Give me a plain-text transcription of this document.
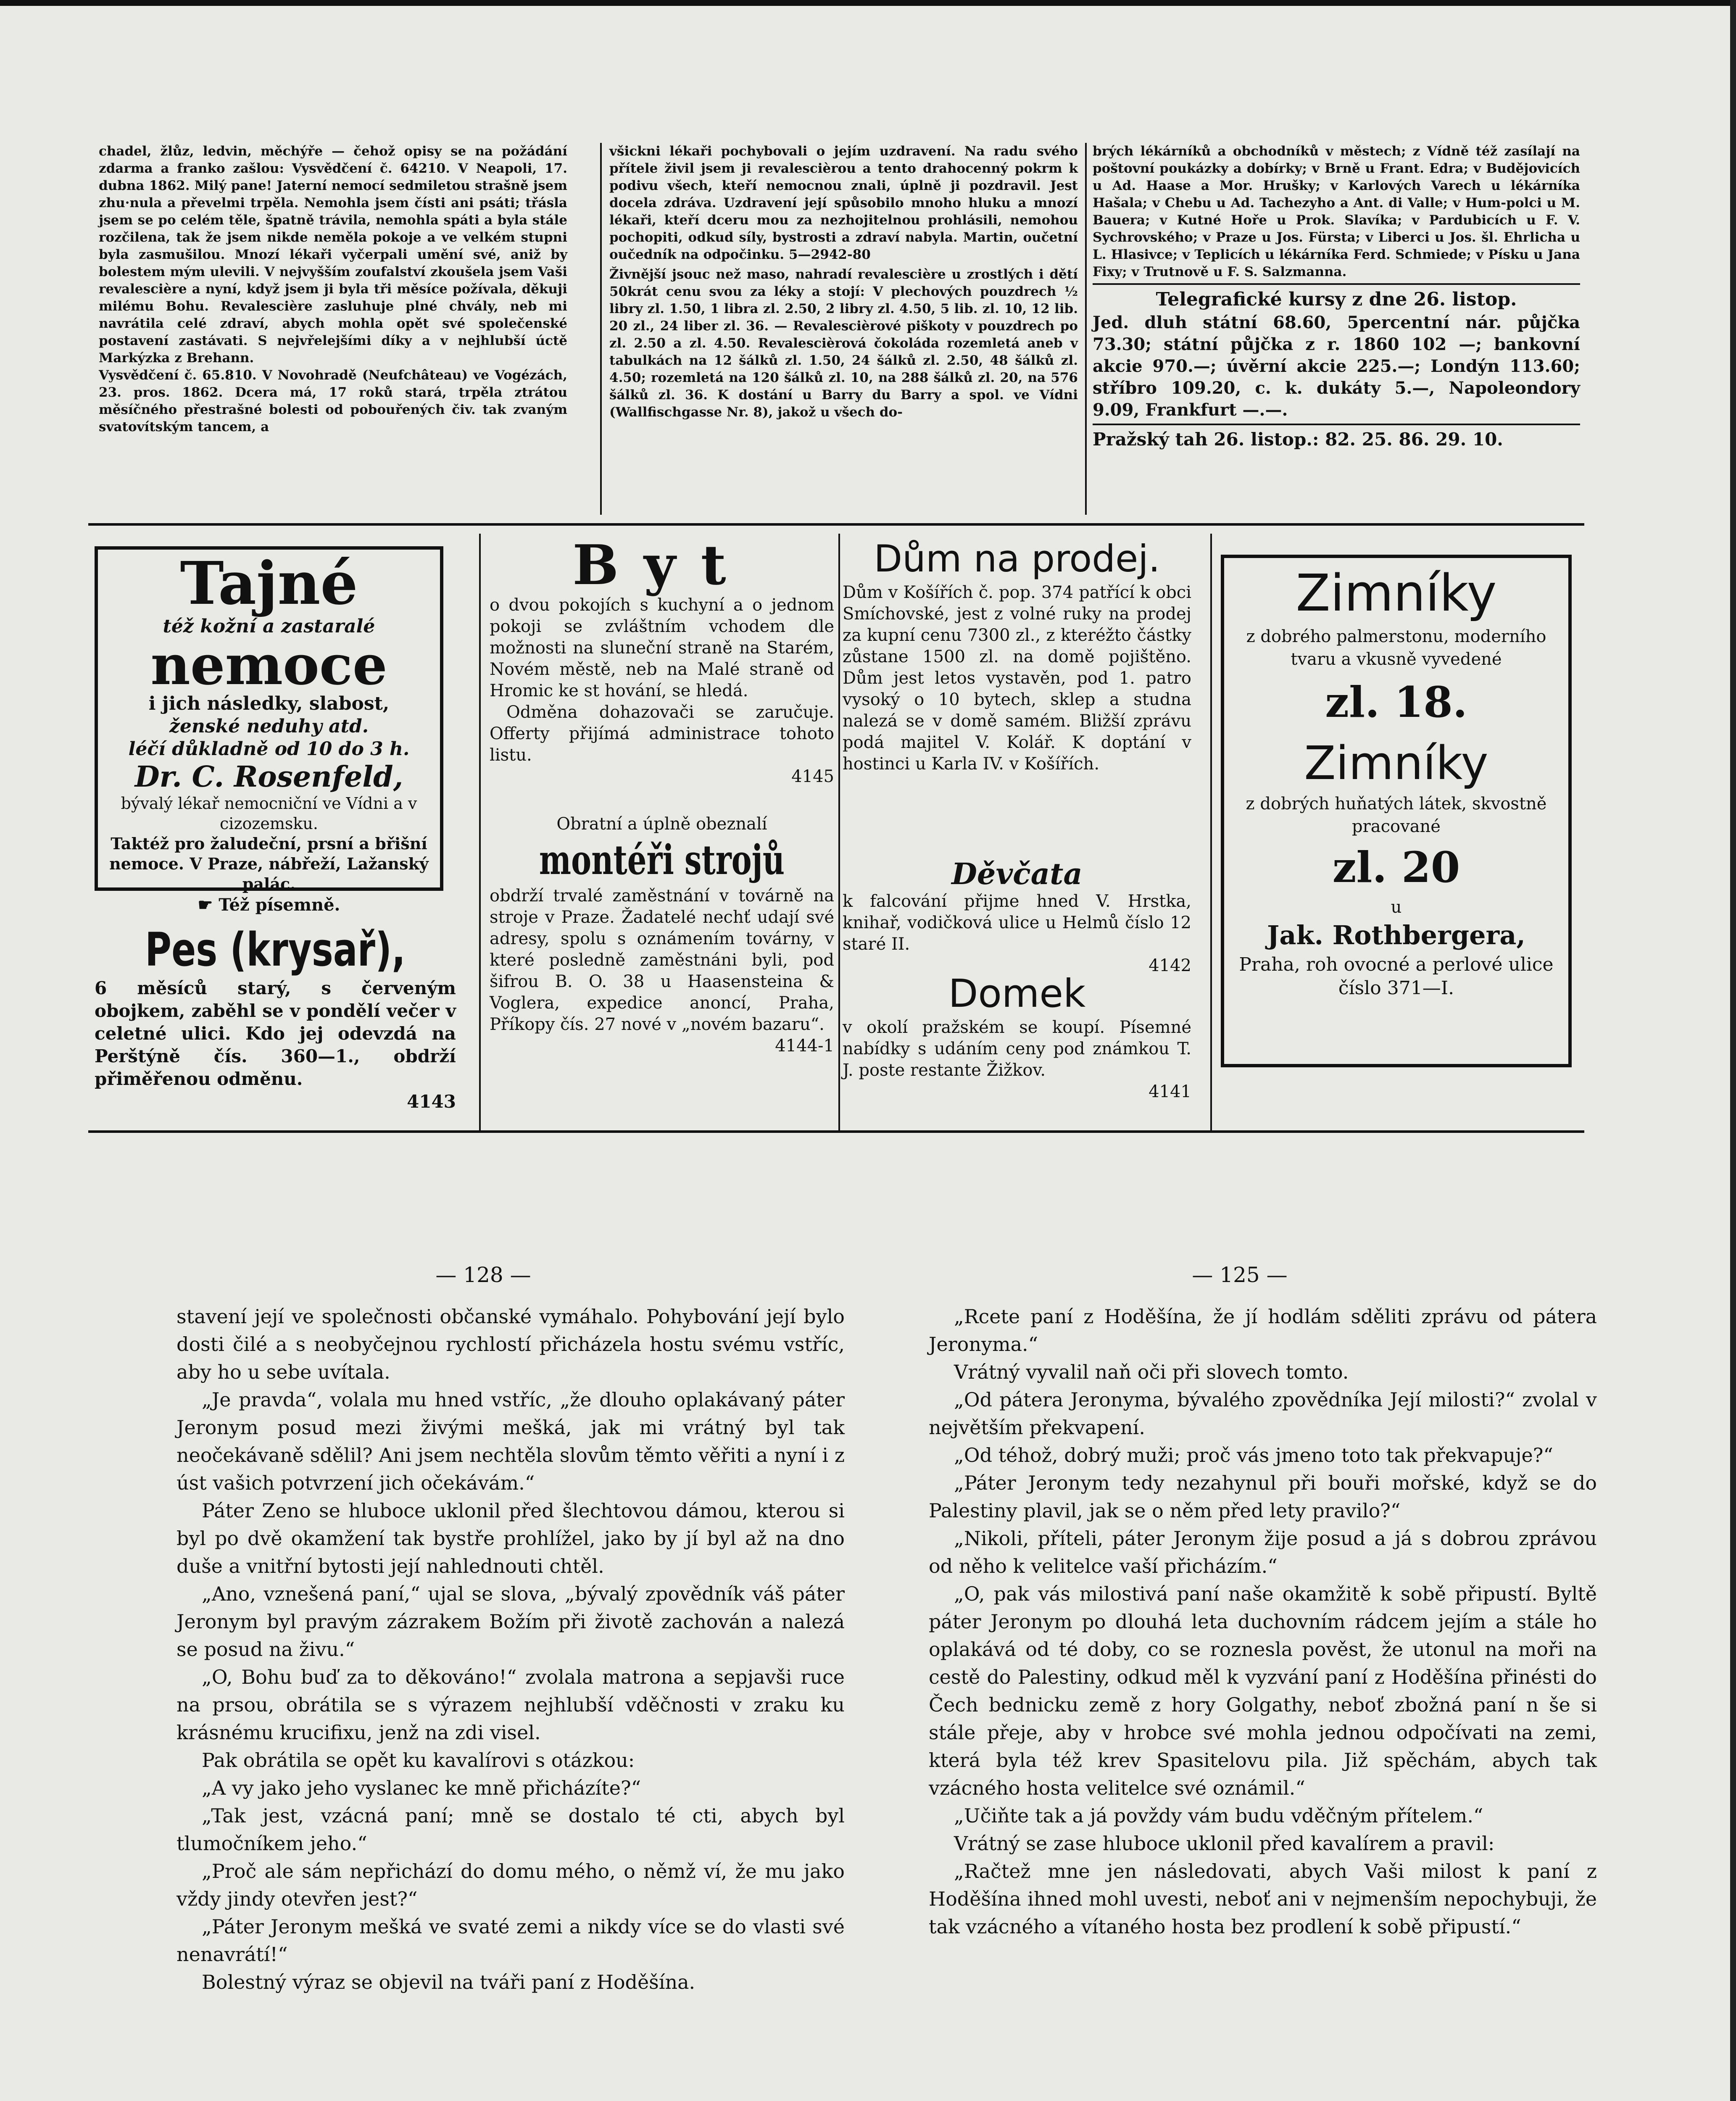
chadel, žlůz, ledvin, měchýře — čehož opisy se na požádání zdarma a franko zašlou: Vysvědčení č. 64210. V Neapoli, 17. dubna 1862. Milý pane! Jaterní nemocí sedmiletou strašně jsem zhu·nula a převelmi trpěla. Nemohla jsem čísti ani psáti; třásla jsem se po celém těle, špatně trávila, nemohla spáti a byla stále rozčilena, tak že jsem nikde neměla pokoje a ve velkém stupni byla zasmušilou. Mnozí lékaři vyčerpali umění své, aniž by bolestem mým ulevili. V nejvyšším zoufalství zkoušela jsem Vaši revalescière a nyní, když jsem ji byla tři měsíce požívala, děkuji milému Bohu. Revalescière zasluhuje plné chvály, neb mi navrátila celé zdraví, abych mohla opět své společenské postavení zastávati. S nejvřelejšími díky a v nejhlubší úctě Markýzka z Brehann.

Vysvědčení č. 65.810. V Novohradě (Neufchâteau) ve Vogézách, 23. pros. 1862. Dcera má, 17 roků stará, trpěla ztrátou měsíčného přestrašné bolesti od pobouřených čiv. tak zvaným svatovítským tancem, a

všickni lékaři pochybovali o jejím uzdravení. Na radu svého přítele živil jsem ji revalescièrou a tento drahocenný pokrm k podivu všech, kteří nemocnou znali, úplně ji pozdravil. Jest docela zdráva. Uzdravení její spůsobilo mnoho hluku a mnozí lékaři, kteří dceru mou za nezhojitelnou prohlásili, nemohou pochopiti, odkud síly, bystrosti a zdraví nabyla. Martin, oučetní oučedník na odpočinku. 5—2942-80

Živnější jsouc než maso, nahradí revalescière u zrostlých i dětí 50krát cenu svou za léky a stojí: V plechových pouzdrech ½ libry zl. 1.50, 1 libra zl. 2.50, 2 libry zl. 4.50, 5 lib. zl. 10, 12 lib. 20 zl., 24 liber zl. 36. — Revalescièrové piškoty v pouzdrech po zl. 2.50 a zl. 4.50. Revalescièrová čokoláda rozemletá aneb v tabulkách na 12 šálků zl. 1.50, 24 šálků zl. 2.50, 48 šálků zl. 4.50; rozemletá na 120 šálků zl. 10, na 288 šálků zl. 20, na 576 šálků zl. 36. K dostání u Barry du Barry a spol. ve Vídni (Wallfischgasse Nr. 8), jakož u všech do-

brých lékárníků a obchodníků v městech; z Vídně též zasílají na poštovní poukázky a dobírky; v Brně u Frant. Edra; v Budějovicích u Ad. Haase a Mor. Hrušky; v Karlových Varech u lékárníka Hašala; v Chebu u Ad. Tachezyho a Ant. di Valle; v Hum-polci u M. Bauera; v Kutné Hoře u Prok. Slavíka; v Pardubicích u F. V. Sychrovského; v Praze u Jos. Fürsta; v Liberci u Jos. šl. Ehrlicha u L. Hlasivce; v Teplicích u lékárníka Ferd. Schmiede; v Písku u Jana Fixy; v Trutnově u F. S. Salzmanna.
Telegrafické kursy z dne 26. listop.
Jed. dluh státní 68.60, 5percentní nár. půjčka 73.30; státní půjčka z r. 1860 102 —; bankovní akcie 970.—; úvěrní akcie 225.—; Londýn 113.60; stříbro 109.20, c. k. dukáty 5.—, Napoleondory 9.09, Frankfurt —.—.
Pražský tah 26. listop.: 82. 25. 86. 29. 10.
Tajné
též kožní a zastaralé
nemoce
i jich následky, slabost,
ženské neduhy atd.
léčí důkladně od 10 do 3 h.
Dr. C. Rosenfeld,
bývalý lékař nemocniční ve Vídni a v cizozemsku.
Taktéž pro žaludeční, prsní a břišní nemoce. V Praze, nábřeží, Lažanský palác.
☛ Též písemně.
Pes (krysař),
6 měsíců starý, s červeným obojkem, zaběhl se v pondělí večer v celetné ulici. Kdo jej odevzdá na Perštýně čís. 360—1., obdrží přiměřenou odměnu.
4143
Byt
o dvou pokojích s kuchyní a o jednom pokoji se zvláštním vchodem dle možnosti na sluneční straně na Starém, Novém městě, neb na Malé straně od Hromic ke st hování, se hledá.
Odměna dohazovači se zaručuje. Offerty přijímá administrace tohoto listu.
4145
Obratní a úplně obeznalí
montéři strojů
obdrží trvalé zaměstnání v továrně na stroje v Praze. Žadatelé nechť udají své adresy, spolu s oznámením továrny, v které posledně zaměstnáni byli, pod šifrou B. O. 38 u Haasensteina & Voglera, expedice anoncí, Praha, Příkopy čís. 27 nové v „novém bazaru“.
4144-1
Dům na prodej.
Dům v Košířích č. pop. 374 patřící k obci Smíchovské, jest z volné ruky na prodej za kupní cenu 7300 zl., z kteréžto částky zůstane 1500 zl. na domě pojištěno. Dům jest letos vystavěn, pod 1. patro vysoký o 10 bytech, sklep a studna nalezá se v domě samém. Bližší zprávu podá majitel V. Kolář. K doptání v hostinci u Karla IV. v Košířích.
Děvčata
k falcování přijme hned V. Hrstka, knihař, vodičková ulice u Helmů číslo 12 staré II.
4142
Domek
v okolí pražském se koupí. Písemné nabídky s udáním ceny pod známkou T. J. poste restante Žižkov.
4141
Zimníky
z dobrého palmerstonu, moderního tvaru a vkusně vyvedené
zl. 18.
Zimníky
z dobrých huňatých látek, skvostně pracované
zl. 20
u
Jak. Rothbergera,
Praha, roh ovocné a perlové ulice číslo 371—I.
— 128 —

stavení její ve společnosti občanské vymáhalo. Pohybování její bylo dosti čilé a s neobyčejnou rychlostí přicházela hostu svému vstříc, aby ho u sebe uvítala.

„Je pravda“, volala mu hned vstříc, „že dlouho oplakávaný páter Jeronym posud mezi živými mešká, jak mi vrátný byl tak neočekávaně sdělil? Ani jsem nechtěla slovům těmto věřiti a nyní i z úst vašich potvrzení jich očekávám.“

Páter Zeno se hluboce uklonil před šlechtovou dámou, kterou si byl po dvě okamžení tak bystře prohlížel, jako by jí byl až na dno duše a vnitřní bytosti její nahlednouti chtěl.

„Ano, vznešená paní,“ ujal se slova, „bývalý zpovědník váš páter Jeronym byl pravým zázrakem Božím při životě zachován a nalezá se posud na živu.“

„O, Bohu buď za to děkováno!“ zvolala matrona a sepjavši ruce na prsou, obrátila se s výrazem nejhlubší vděčnosti v zraku ku krásnému krucifixu, jenž na zdi visel.

Pak obrátila se opět ku kavalírovi s otázkou:

„A vy jako jeho vyslanec ke mně přicházíte?“

„Tak jest, vzácná paní; mně se dostalo té cti, abych byl tlumočníkem jeho.“

„Proč ale sám nepřichází do domu mého, o němž ví, že mu jako vždy jindy otevřen jest?“

„Páter Jeronym mešká ve svaté zemi a nikdy více se do vlasti své nenavrátí!“

Bolestný výraz se objevil na tváři paní z Hoděšína.

— 125 —

„Rcete paní z Hoděšína, že jí hodlám sděliti zprávu od pátera Jeronyma.“

Vrátný vyvalil naň oči při slovech tomto.

„Od pátera Jeronyma, bývalého zpovědníka Její milosti?“ zvolal v největším překvapení.

„Od téhož, dobrý muži; proč vás jmeno toto tak překvapuje?“

„Páter Jeronym tedy nezahynul při bouři mořské, když se do Palestiny plavil, jak se o něm před lety pravilo?“

„Nikoli, příteli, páter Jeronym žije posud a já s dobrou zprávou od něho k velitelce vaší přicházím.“

„O, pak vás milostivá paní naše okamžitě k sobě připustí. Byltě páter Jeronym po dlouhá leta duchovním rádcem jejím a stále ho oplakává od té doby, co se roznesla pověst, že utonul na moři na cestě do Palestiny, odkud měl k vyzvání paní z Hoděšína přinésti do Čech bednicku země z hory Golgathy, neboť zbožná paní n še si stále přeje, aby v hrobce své mohla jednou odpočívati na zemi, která byla též krev Spasitelovu pila. Již spěchám, abych tak vzácného hosta velitelce své oznámil.“

„Učiňte tak a já povždy vám budu vděčným přítelem.“

Vrátný se zase hluboce uklonil před kavalírem a pravil:

„Račtež mne jen následovati, abych Vaši milost k paní z Hoděšína ihned mohl uvesti, neboť ani v nejmenším nepochybuji, že tak vzácného a vítaného hosta bez prodlení k sobě připustí.“
